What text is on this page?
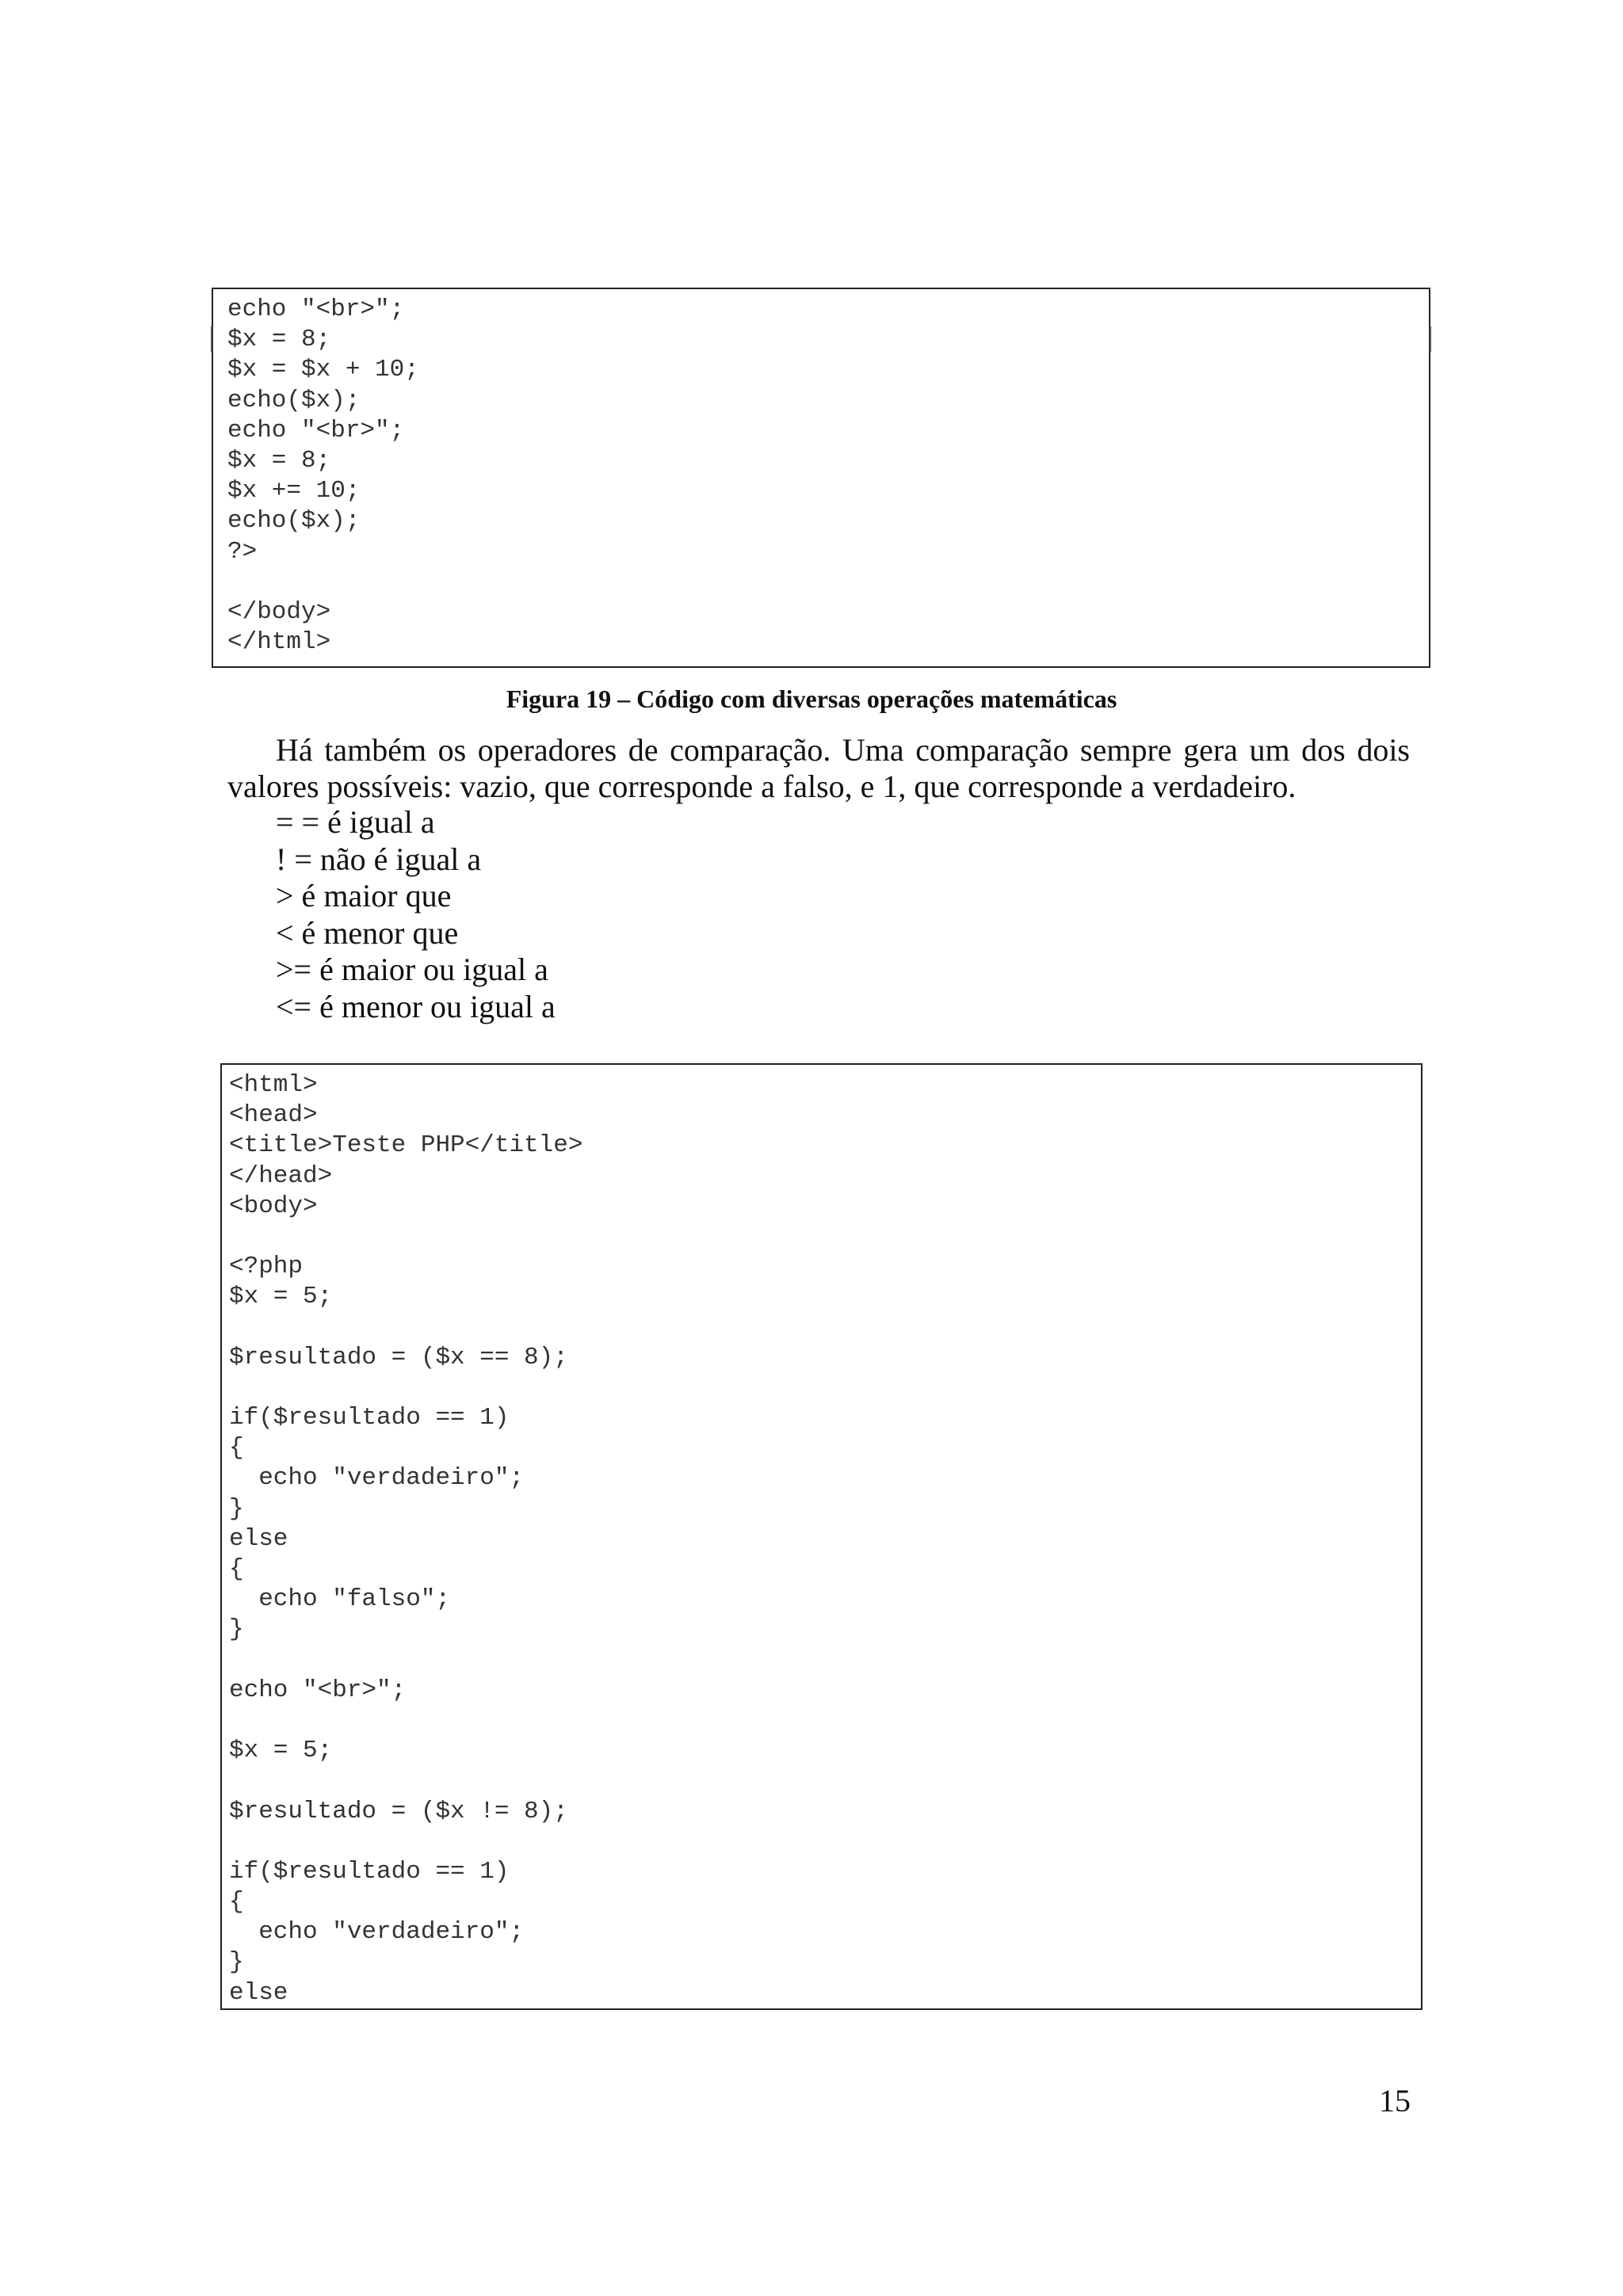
echo "<br>";
$x = 8;
$x = $x + 10;
echo($x);
echo "<br>";
$x = 8;
$x += 10;
echo($x);
?>
</body>
</html>
Figura 19 – Código com diversas operações matemáticas

Há também os operadores de comparação. Uma comparação sempre gera um dos dois valores possíveis: vazio, que corresponde a falso, e 1, que corresponde a verdadeiro.

= = é igual a
! = não é igual a
> é maior que
< é menor que
>= é maior ou igual a
<= é menor ou igual a
<html>
<head>
<title>Teste PHP</title>
</head>
<body>
<?php
$x = 5;
$resultado = ($x == 8);
if($resultado == 1)
{
echo "verdadeiro";
}
else
{
echo "falso";
}
echo "<br>";
$x = 5;
$resultado = ($x != 8);
if($resultado == 1)
{
echo "verdadeiro";
}
else
15
